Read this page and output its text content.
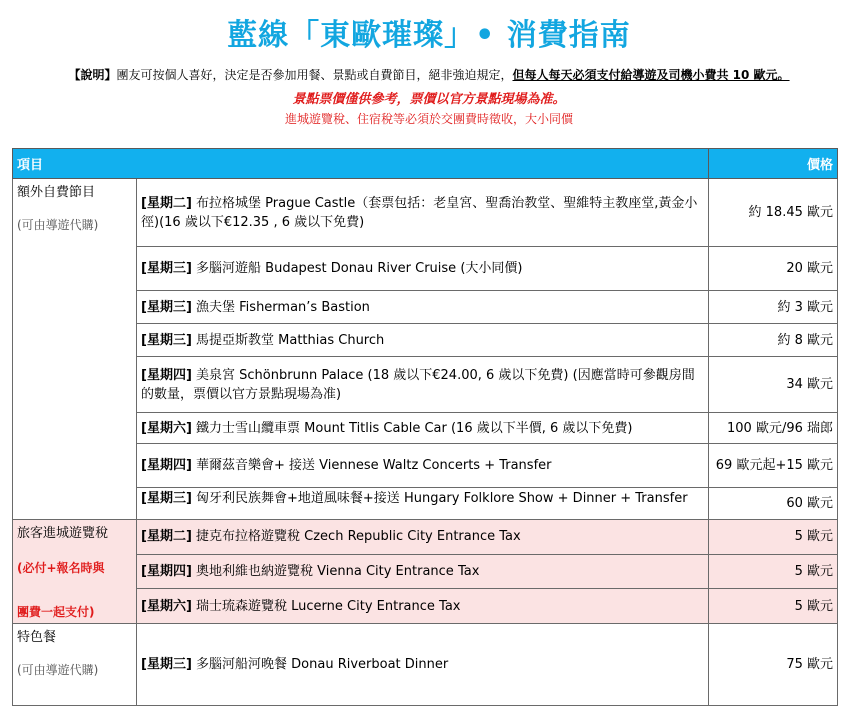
藍線「東歐璀璨」• 消費指南
【說明】團友可按個人喜好，決定是否參加用餐、景點或自費節目，絕非強迫規定，但每人每天必須支付給導遊及司機小費共 10 歐元。
景點票價僅供參考，票價以官方景點現場為准。
進城遊覽稅、住宿稅等必須於交團費時徵收，大小同價
項目		價格

額外自費節目
(可由導遊代購)	[星期二] 布拉格城堡 Prague Castle（套票包括：老皇宮、聖喬治教堂、聖維特主教座堂,黃金小徑)(16 歲以下€12.35 , 6 歲以下免費)	約 18.45 歐元
	[星期三] 多腦河遊船 Budapest Donau River Cruise (大小同價)	20 歐元
	[星期三] 漁夫堡 Fisherman’s Bastion	約 3 歐元
	[星期三] 馬提亞斯教堂 Matthias Church	約 8 歐元
	[星期四] 美泉宮 Schönbrunn Palace (18 歲以下€24.00, 6 歲以下免費) (因應當時可參觀房間的數量，票價以官方景點現場為准)	34 歐元
	[星期六] 鐵力士雪山纜車票 Mount Titlis Cable Car (16 歲以下半價, 6 歲以下免費)	100 歐元/96 瑞郎
	[星期四] 華爾茲音樂會+ 接送 Viennese Waltz Concerts + Transfer	69 歐元起+15 歐元

	[星期三] 匈牙利民族舞會+地道風味餐+接送 Hungary Folklore Show + Dinner + Transfer	60 歐元

旅客進城遊覽稅
(必付+報名時與

團費一起支付)	[星期二] 捷克布拉格遊覽稅 Czech Republic City Entrance Tax	5 歐元
	[星期四] 奧地利維也納遊覽稅 Vienna City Entrance Tax	5 歐元
	[星期六] 瑞士琉森遊覽稅 Lucerne City Entrance Tax	5 歐元

特色餐
(可由導遊代購)	[星期三] 多腦河船河晚餐 Donau Riverboat Dinner	75 歐元
